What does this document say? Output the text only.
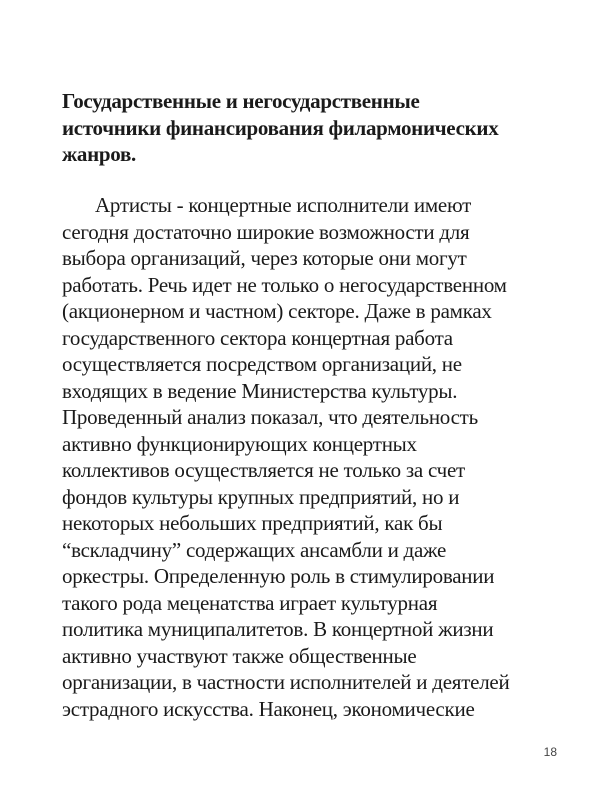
Государственные и негосударственные
источники финансирования филармонических
жанров.
Артисты - концертные исполнители имеют
сегодня достаточно широкие возможности для
выбора организаций, через которые они могут
работать. Речь идет не только о негосударственном
(акционерном и частном) секторе. Даже в рамках
государственного сектора концертная работа
осуществляется посредством организаций, не
входящих в ведение Министерства культуры.
Проведенный анализ показал, что деятельность
активно функционирующих концертных
коллективов осуществляется не только за счет
фондов культуры крупных предприятий, но и
некоторых небольших предприятий, как бы
“вскладчину” содержащих ансамбли и даже
оркестры. Определенную роль в стимулировании
такого рода меценатства играет культурная
политика муниципалитетов. В концертной жизни
активно участвуют также общественные
организации, в частности исполнителей и деятелей
эстрадного искусства. Наконец, экономические
18
